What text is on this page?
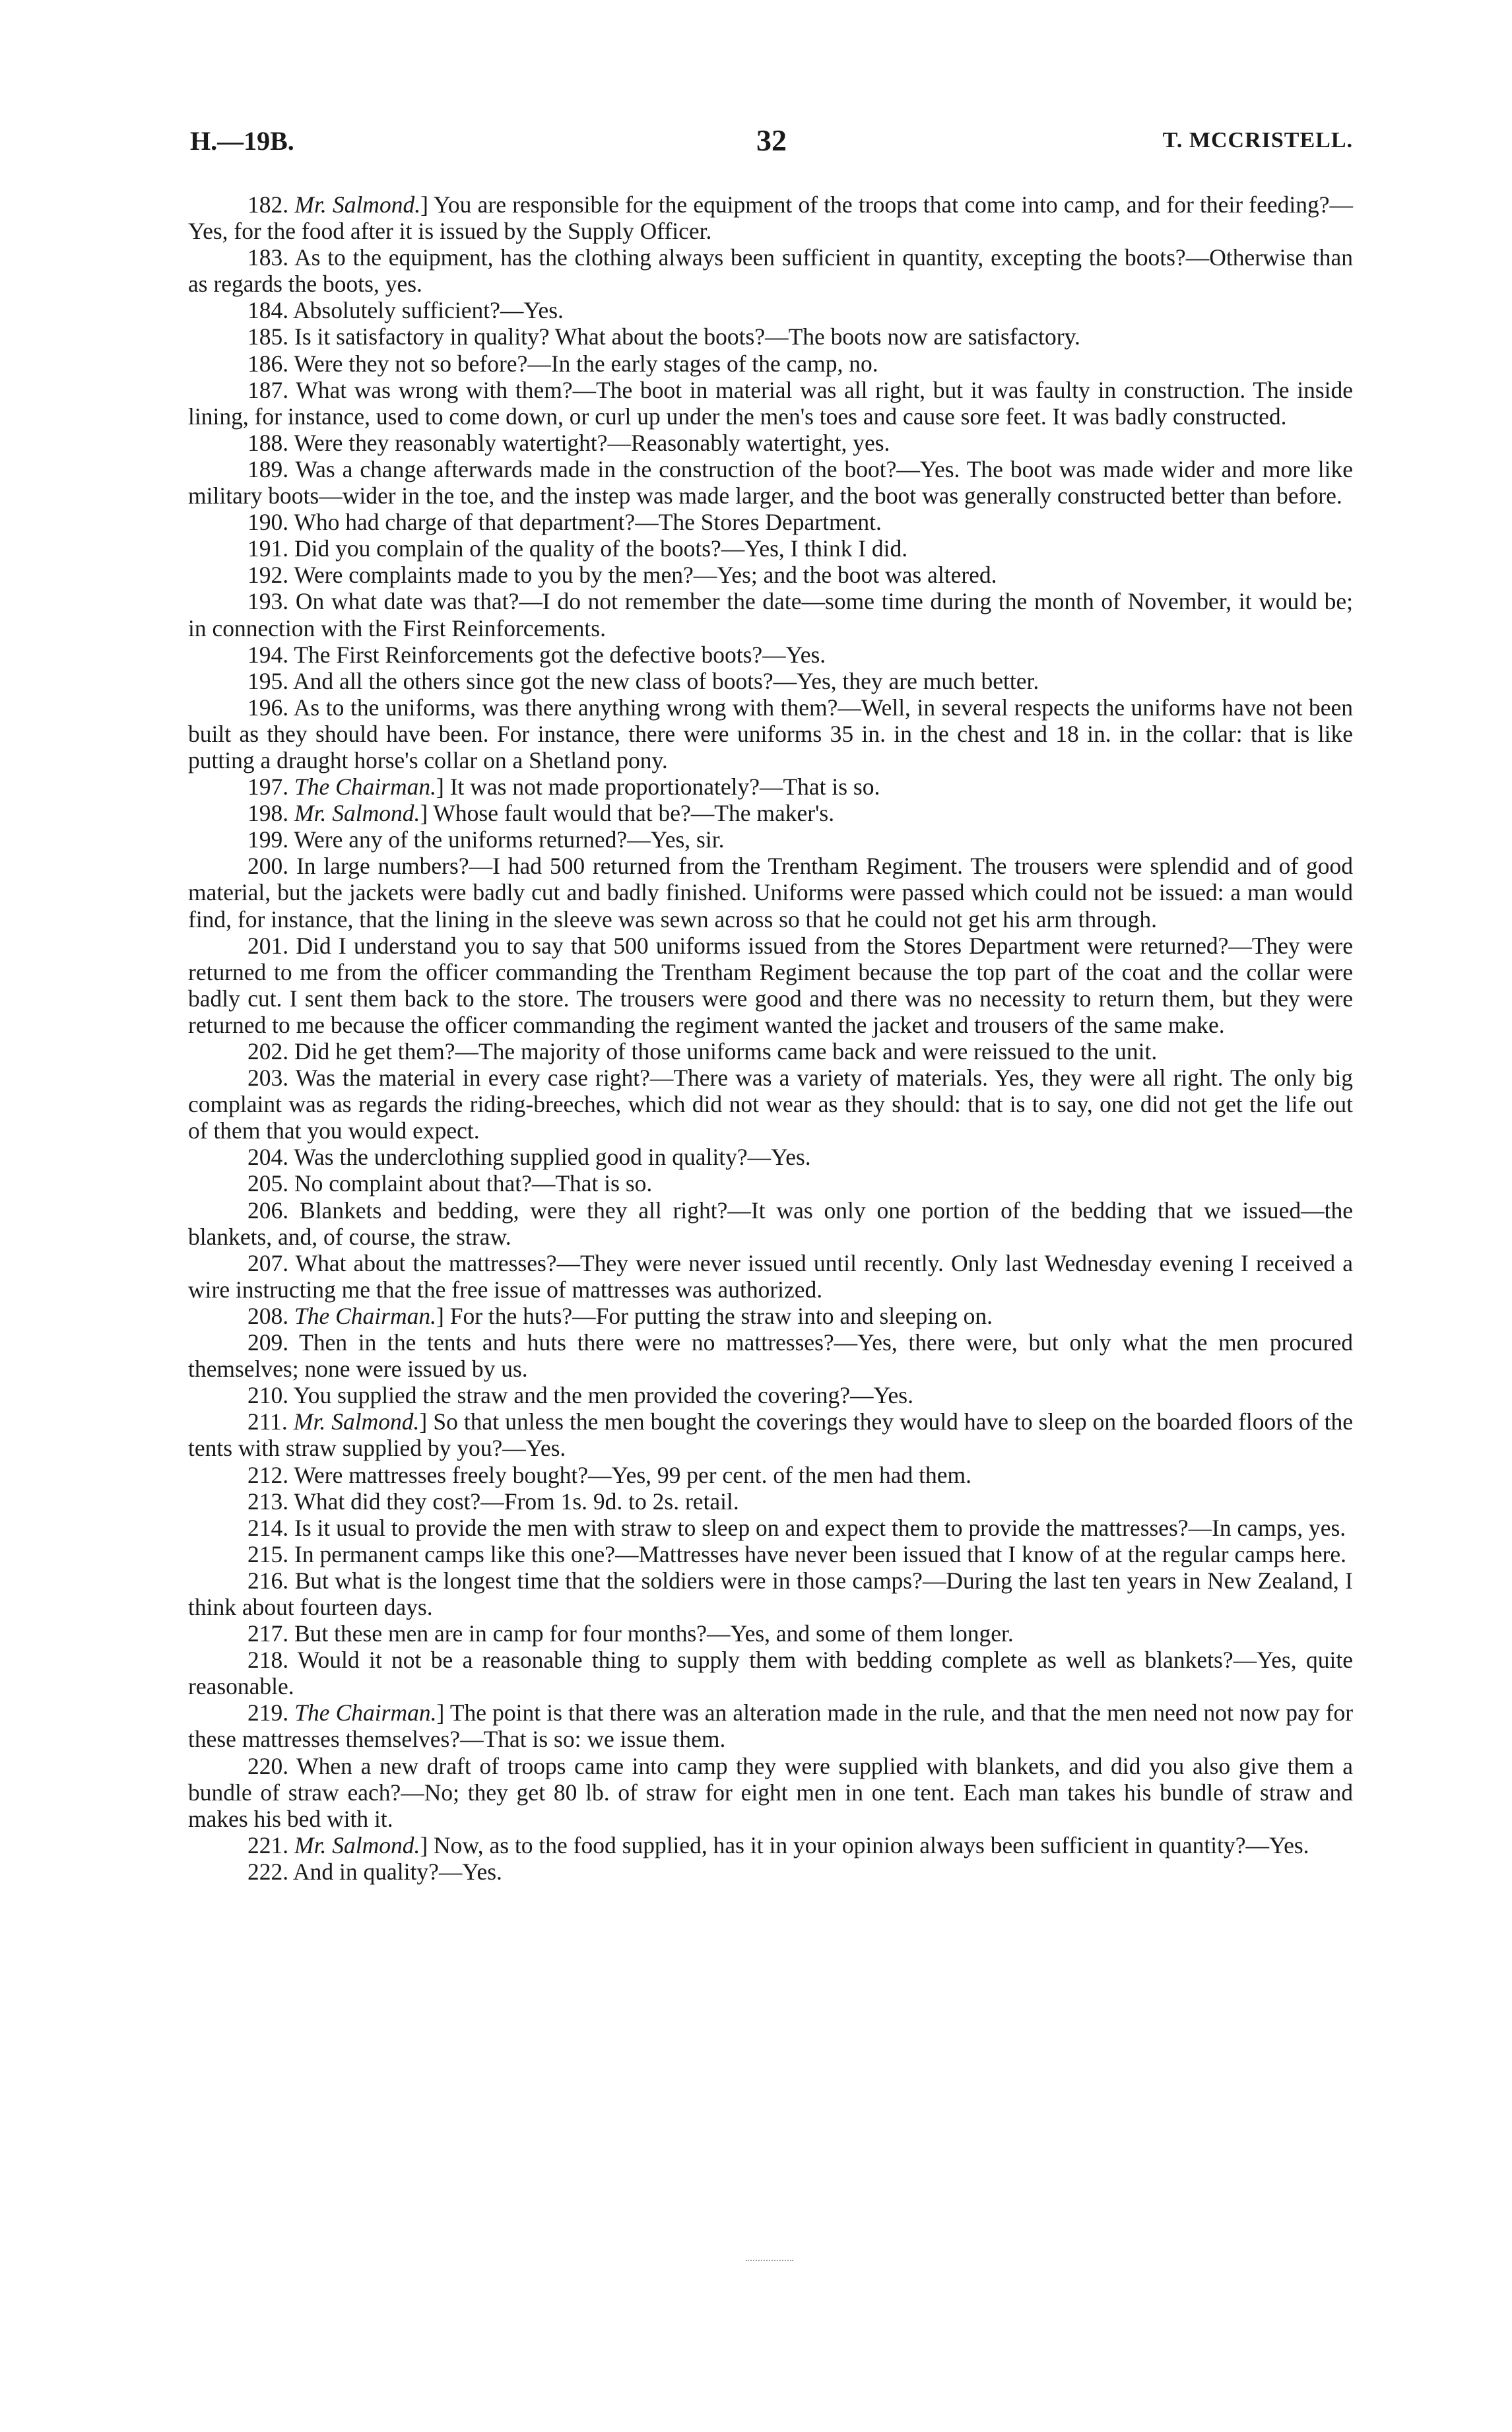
H.—19B.	32	T. MCCRISTELL.

182. Mr. Salmond.] You are responsible for the equipment of the troops that come into camp, and for their feeding?—Yes, for the food after it is issued by the Supply Officer.

183. As to the equipment, has the clothing always been sufficient in quantity, excepting the boots?—Otherwise than as regards the boots, yes.

184. Absolutely sufficient?—Yes.

185. Is it satisfactory in quality? What about the boots?—The boots now are satisfactory.

186. Were they not so before?—In the early stages of the camp, no.

187. What was wrong with them?—The boot in material was all right, but it was faulty in construction. The inside lining, for instance, used to come down, or curl up under the men's toes and cause sore feet. It was badly constructed.

188. Were they reasonably watertight?—Reasonably watertight, yes.

189. Was a change afterwards made in the construction of the boot?—Yes. The boot was made wider and more like military boots—wider in the toe, and the instep was made larger, and the boot was generally constructed better than before.

190. Who had charge of that department?—The Stores Department.

191. Did you complain of the quality of the boots?—Yes, I think I did.

192. Were complaints made to you by the men?—Yes; and the boot was altered.

193. On what date was that?—I do not remember the date—some time during the month of November, it would be; in connection with the First Reinforcements.

194. The First Reinforcements got the defective boots?—Yes.

195. And all the others since got the new class of boots?—Yes, they are much better.

196. As to the uniforms, was there anything wrong with them?—Well, in several respects the uniforms have not been built as they should have been. For instance, there were uniforms 35 in. in the chest and 18 in. in the collar: that is like putting a draught horse's collar on a Shetland pony.

197. The Chairman.] It was not made proportionately?—That is so.

198. Mr. Salmond.] Whose fault would that be?—The maker's.

199. Were any of the uniforms returned?—Yes, sir.

200. In large numbers?—I had 500 returned from the Trentham Regiment. The trousers were splendid and of good material, but the jackets were badly cut and badly finished. Uniforms were passed which could not be issued: a man would find, for instance, that the lining in the sleeve was sewn across so that he could not get his arm through.

201. Did I understand you to say that 500 uniforms issued from the Stores Department were returned?—They were returned to me from the officer commanding the Trentham Regiment because the top part of the coat and the collar were badly cut. I sent them back to the store. The trousers were good and there was no necessity to return them, but they were returned to me because the officer commanding the regiment wanted the jacket and trousers of the same make.

202. Did he get them?—The majority of those uniforms came back and were reissued to the unit.

203. Was the material in every case right?—There was a variety of materials. Yes, they were all right. The only big complaint was as regards the riding-breeches, which did not wear as they should: that is to say, one did not get the life out of them that you would expect.

204. Was the underclothing supplied good in quality?—Yes.

205. No complaint about that?—That is so.

206. Blankets and bedding, were they all right?—It was only one portion of the bedding that we issued—the blankets, and, of course, the straw.

207. What about the mattresses?—They were never issued until recently. Only last Wednesday evening I received a wire instructing me that the free issue of mattresses was authorized.

208. The Chairman.] For the huts?—For putting the straw into and sleeping on.

209. Then in the tents and huts there were no mattresses?—Yes, there were, but only what the men procured themselves; none were issued by us.

210. You supplied the straw and the men provided the covering?—Yes.

211. Mr. Salmond.] So that unless the men bought the coverings they would have to sleep on the boarded floors of the tents with straw supplied by you?—Yes.

212. Were mattresses freely bought?—Yes, 99 per cent. of the men had them.

213. What did they cost?—From 1s. 9d. to 2s. retail.

214. Is it usual to provide the men with straw to sleep on and expect them to provide the mattresses?—In camps, yes.

215. In permanent camps like this one?—Mattresses have never been issued that I know of at the regular camps here.

216. But what is the longest time that the soldiers were in those camps?—During the last ten years in New Zealand, I think about fourteen days.

217. But these men are in camp for four months?—Yes, and some of them longer.

218. Would it not be a reasonable thing to supply them with bedding complete as well as blankets?—Yes, quite reasonable.

219. The Chairman.] The point is that there was an alteration made in the rule, and that the men need not now pay for these mattresses themselves?—That is so: we issue them.

220. When a new draft of troops came into camp they were supplied with blankets, and did you also give them a bundle of straw each?—No; they get 80 lb. of straw for eight men in one tent. Each man takes his bundle of straw and makes his bed with it.

221. Mr. Salmond.] Now, as to the food supplied, has it in your opinion always been sufficient in quantity?—Yes.

222. And in quality?—Yes.
